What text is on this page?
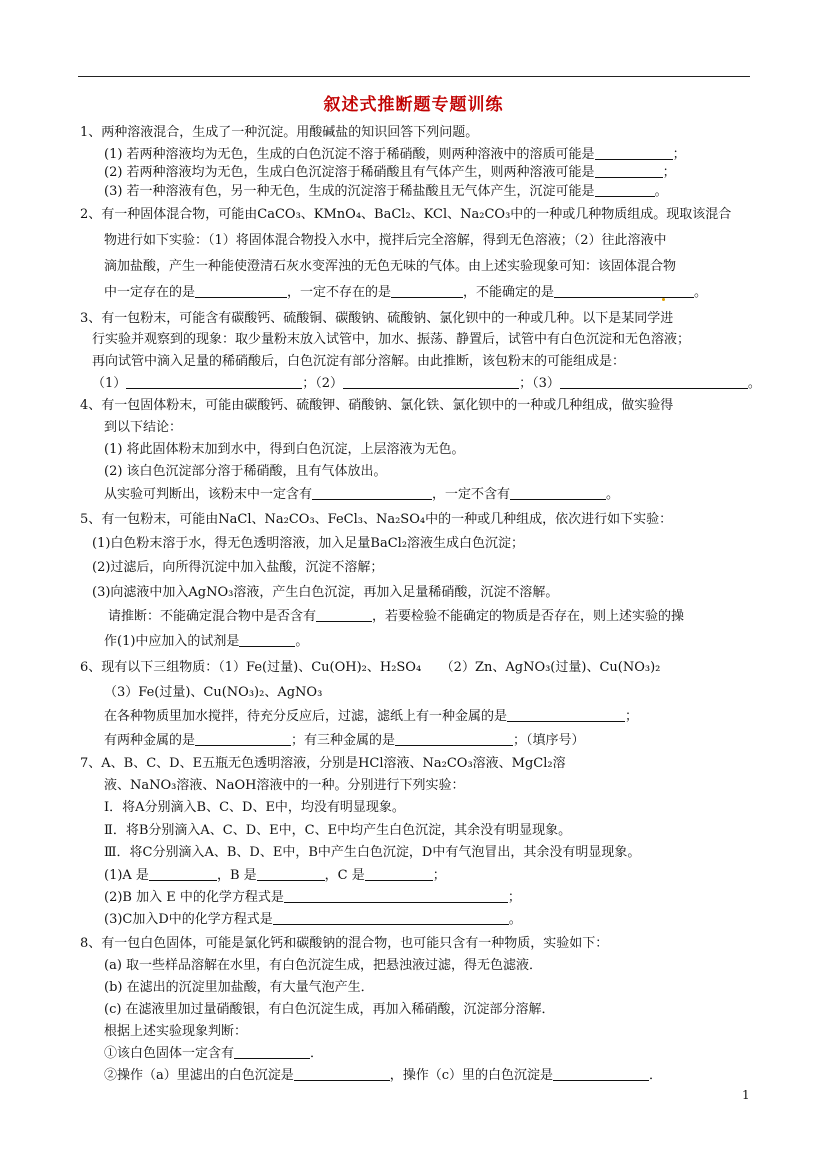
叙述式推断题专题训练
1、两种溶液混合，生成了一种沉淀。用酸碱盐的知识回答下列问题。
(1) 若两种溶液均为无色，生成的白色沉淀不溶于稀硝酸，则两种溶液中的溶质可能是	；
(2) 若两种溶液均为无色，生成白色沉淀溶于稀硝酸且有气体产生，则两种溶液可能是	；
(3) 若一种溶液有色，另一种无色，生成的沉淀溶于稀盐酸且无气体产生，沉淀可能是	。
2、有一种固体混合物，可能由CaCO₃、KMnO₄、BaCl₂、KCl、Na₂CO₃中的一种或几种物质组成。现取该混合
物进行如下实验：（1）将固体混合物投入水中，搅拌后完全溶解，得到无色溶液；（2）往此溶液中
滴加盐酸，产生一种能使澄清石灰水变浑浊的无色无味的气体。由上述实验现象可知：该固体混合物
中一定存在的是	，一定不存在的是	，不能确定的是	。
3、有一包粉末，可能含有碳酸钙、硫酸铜、碳酸钠、硫酸钠、氯化钡中的一种或几种。以下是某同学进
行实验并观察到的现象：取少量粉末放入试管中，加水、振荡、静置后，试管中有白色沉淀和无色溶液；
再向试管中滴入足量的稀硝酸后，白色沉淀有部分溶解。由此推断，该包粉末的可能组成是：
（1）	；（2）	；（3）	。
4、有一包固体粉末，可能由碳酸钙、硫酸钾、硝酸钠、氯化铁、氯化钡中的一种或几种组成，做实验得
到以下结论：
(1) 将此固体粉末加到水中，得到白色沉淀，上层溶液为无色。
(2) 该白色沉淀部分溶于稀硝酸，且有气体放出。
从实验可判断出，该粉末中一定含有	，一定不含有	。
5、有一包粉末，可能由NaCl、Na₂CO₃、FeCl₃、Na₂SO₄中的一种或几种组成，依次进行如下实验：
(1)白色粉末溶于水，得无色透明溶液，加入足量BaCl₂溶液生成白色沉淀；
(2)过滤后，向所得沉淀中加入盐酸，沉淀不溶解；
(3)向滤液中加入AgNO₃溶液，产生白色沉淀，再加入足量稀硝酸，沉淀不溶解。
请推断：不能确定混合物中是否含有	，若要检验不能确定的物质是否存在，则上述实验的操
作(1)中应加入的试剂是	。
6、现有以下三组物质：（1）Fe(过量)、Cu(OH)₂、H₂SO₄　　（2）Zn、AgNO₃(过量)、Cu(NO₃)₂
（3）Fe(过量)、Cu(NO₃)₂、AgNO₃
在各种物质里加水搅拌，待充分反应后，过滤，滤纸上有一种金属的是	；
有两种金属的是	；有三种金属的是	；（填序号）
7、A、B、C、D、E五瓶无色透明溶液，分别是HCl溶液、Na₂CO₃溶液、MgCl₂溶
液、NaNO₃溶液、NaOH溶液中的一种。分别进行下列实验：
Ⅰ．将A分别滴入B、C、D、E中，均没有明显现象。
Ⅱ．将B分别滴入A、C、D、E中，C、E中均产生白色沉淀，其余没有明显现象。
Ⅲ．将C分别滴入A、B、D、E中，B中产生白色沉淀，D中有气泡冒出，其余没有明显现象。
(1)A 是	，B 是	，C 是	；
(2)B 加入 E 中的化学方程式是	；
(3)C加入D中的化学方程式是	。
8、有一包白色固体，可能是氯化钙和碳酸钠的混合物，也可能只含有一种物质，实验如下：
(a) 取一些样品溶解在水里，有白色沉淀生成，把悬浊液过滤，得无色滤液．
(b) 在滤出的沉淀里加盐酸，有大量气泡产生．
(c) 在滤液里加过量硝酸银，有白色沉淀生成，再加入稀硝酸，沉淀部分溶解．
根据上述实验现象判断：
①该白色固体一定含有	．
②操作（a）里滤出的白色沉淀是	，操作（c）里的白色沉淀是	．
1
